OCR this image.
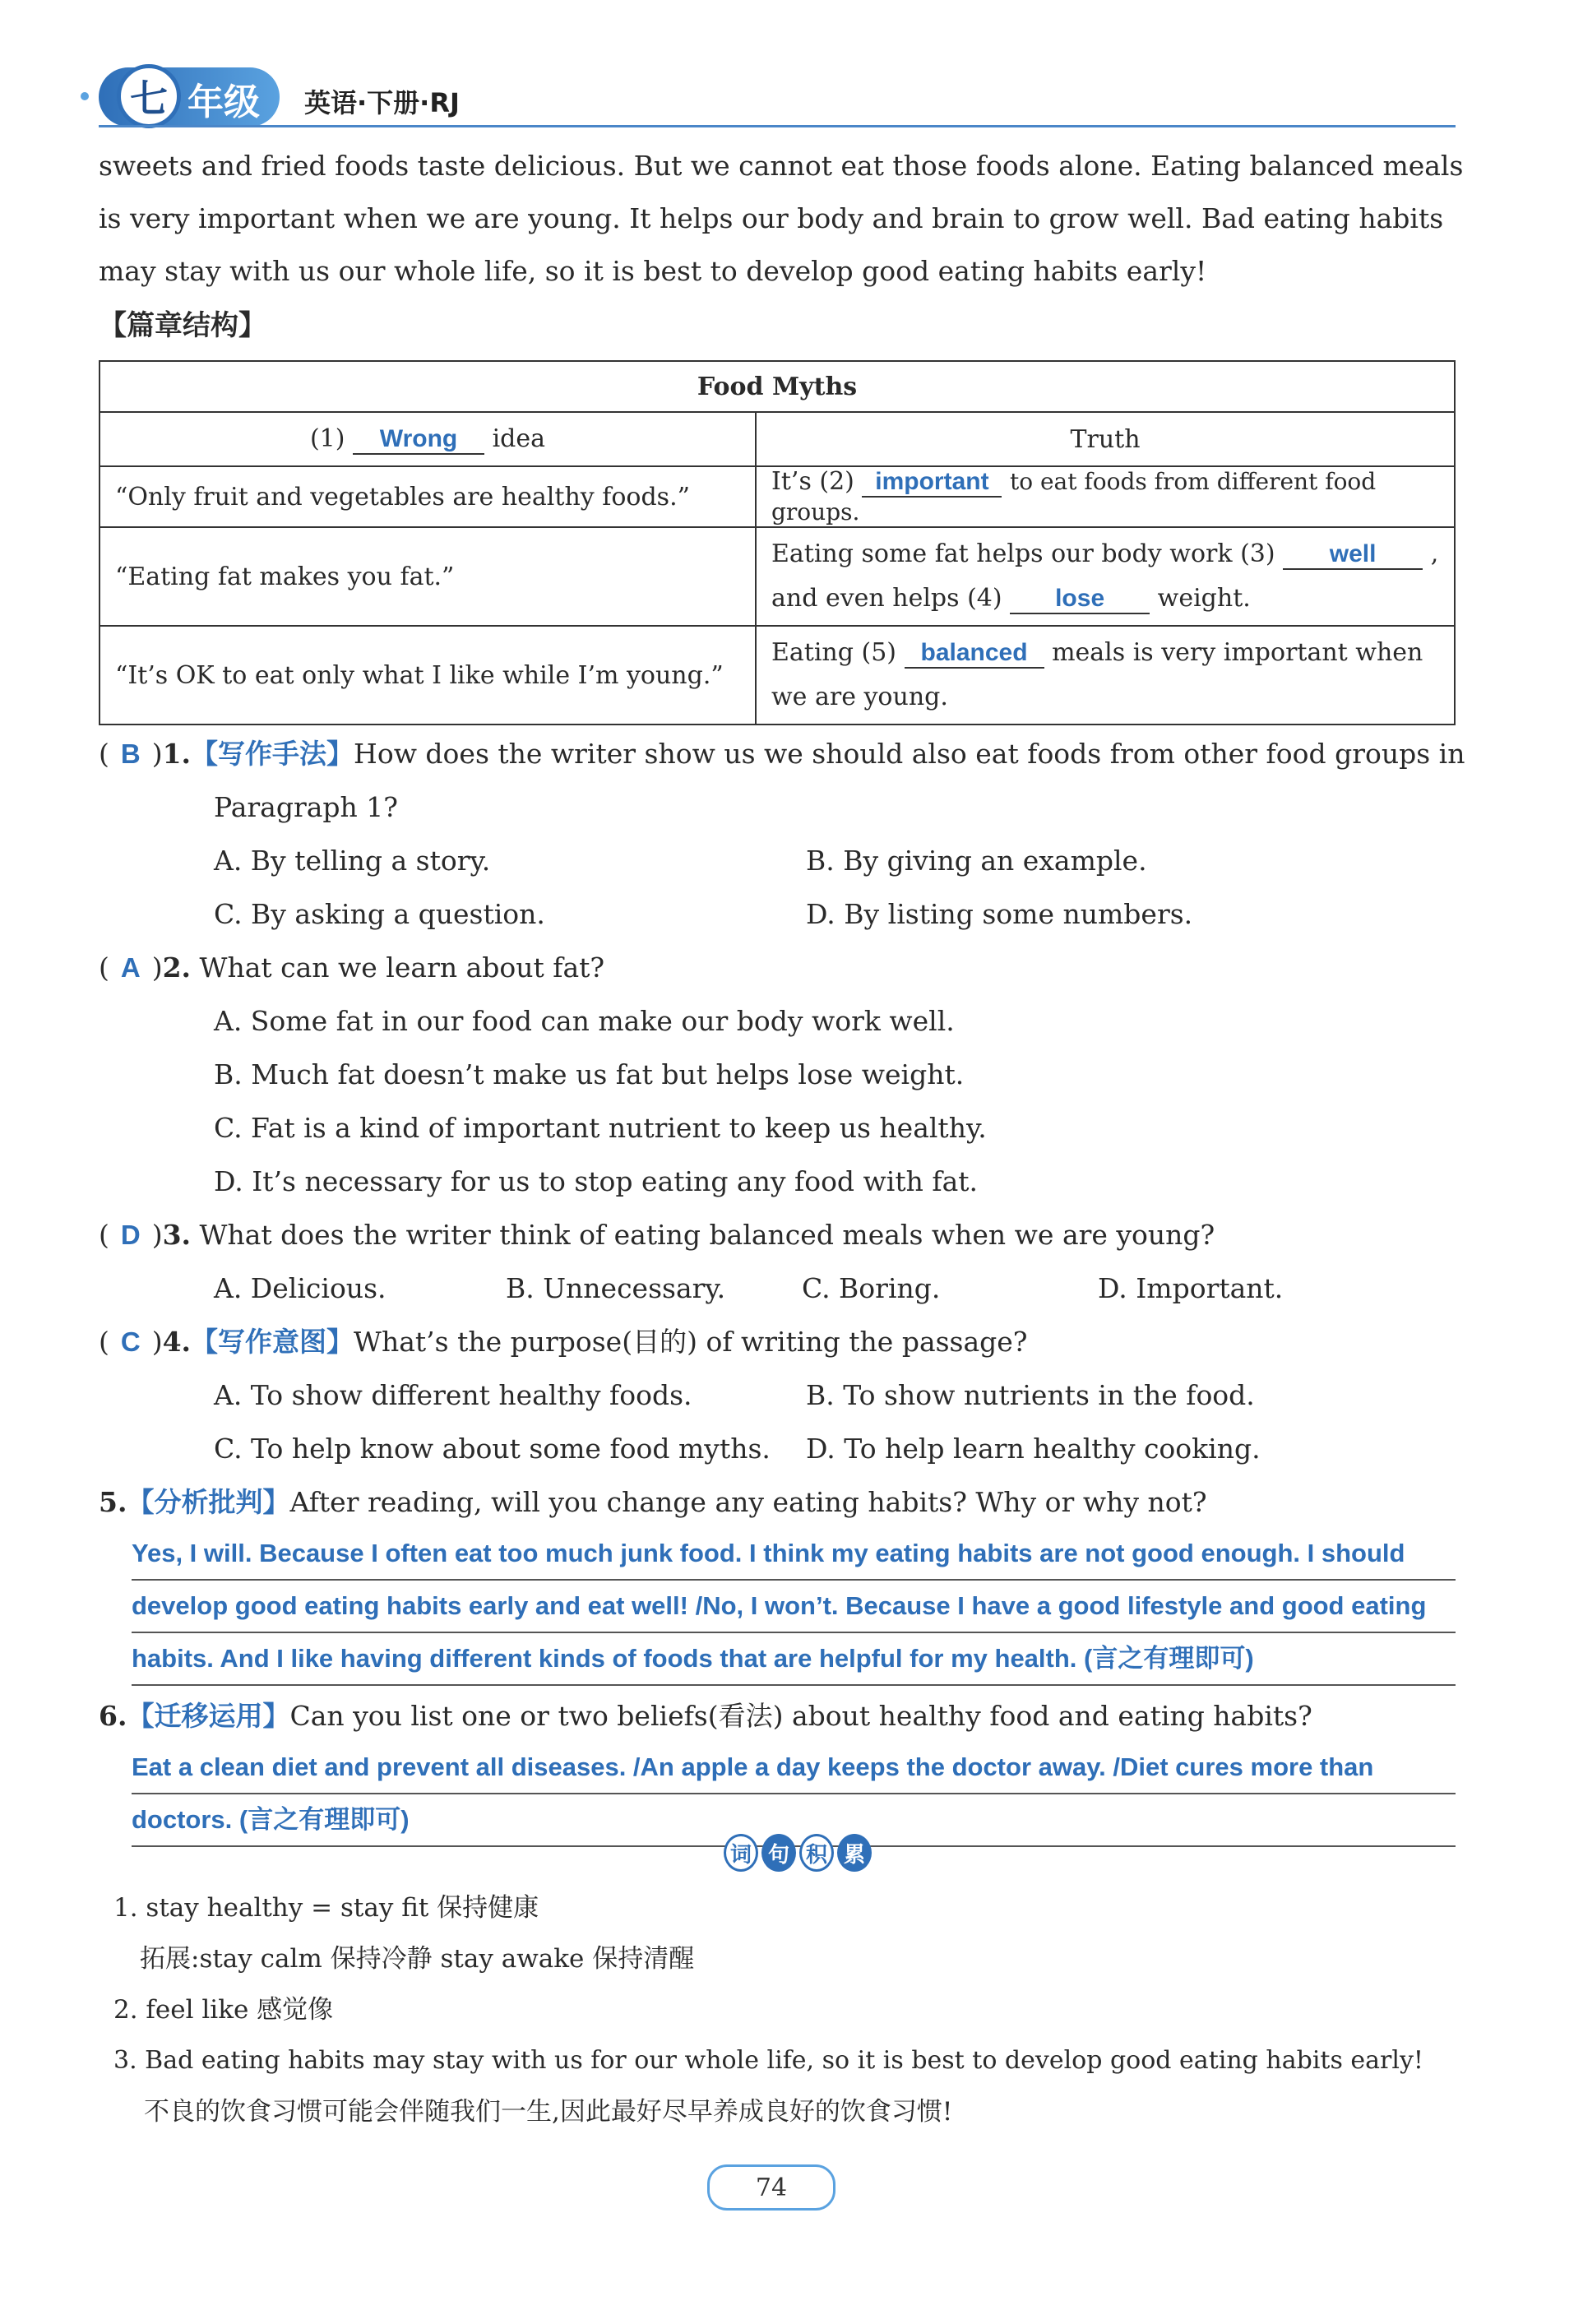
七 年级 英语·下册·RJ
sweets and fried foods taste delicious. But we cannot eat those foods alone. Eating balanced meals
is very important when we are young. It helps our body and brain to grow well. Bad eating habits
may stay with us our whole life, so it is best to develop good eating habits early!
【篇章结构】
Food Myths	
(1) Wrong idea	Truth
“Only fruit and vegetables are healthy foods.”	It’s (2) important to eat foods from different food groups.
“Eating fat makes you fat.”	Eating some fat helps our body work (3) well ,
and even helps (4) lose weight.
“It’s OK to eat only what I like while I’m young.”	Eating (5) balanced meals is very important when
we are young.
( B )1.【写作手法】How does the writer show us we should also eat foods from other food groups in
Paragraph 1?
A. By telling a story.	B. By giving an example.
C. By asking a question.	D. By listing some numbers.
( A )2. What can we learn about fat?
A. Some fat in our food can make our body work well.
B. Much fat doesn’t make us fat but helps lose weight.
C. Fat is a kind of important nutrient to keep us healthy.
D. It’s necessary for us to stop eating any food with fat.
( D )3. What does the writer think of eating balanced meals when we are young?
A. Delicious.	B. Unnecessary.	C. Boring.	D. Important.
( C )4.【写作意图】What’s the purpose(目的) of writing the passage?
A. To show different healthy foods.	B. To show nutrients in the food.
C. To help know about some food myths. D. To help learn healthy cooking.
5.【分析批判】After reading, will you change any eating habits? Why or why not?
Yes, I will. Because I often eat too much junk food. I think my eating habits are not good enough. I should
develop good eating habits early and eat well! /No, I won’t. Because I have a good lifestyle and good eating
habits. And I like having different kinds of foods that are helpful for my health. (言之有理即可)
6.【迁移运用】Can you list one or two beliefs(看法) about healthy food and eating habits?
Eat a clean diet and prevent all diseases. /An apple a day keeps the doctor away. /Diet cures more than
doctors. (言之有理即可)
词 句 积 累
1. stay healthy = stay fit 保持健康
拓展:stay calm 保持冷静 stay awake 保持清醒
2. feel like 感觉像
3. Bad eating habits may stay with us for our whole life, so it is best to develop good eating habits early!
不良的饮食习惯可能会伴随我们一生,因此最好尽早养成良好的饮食习惯!
74
